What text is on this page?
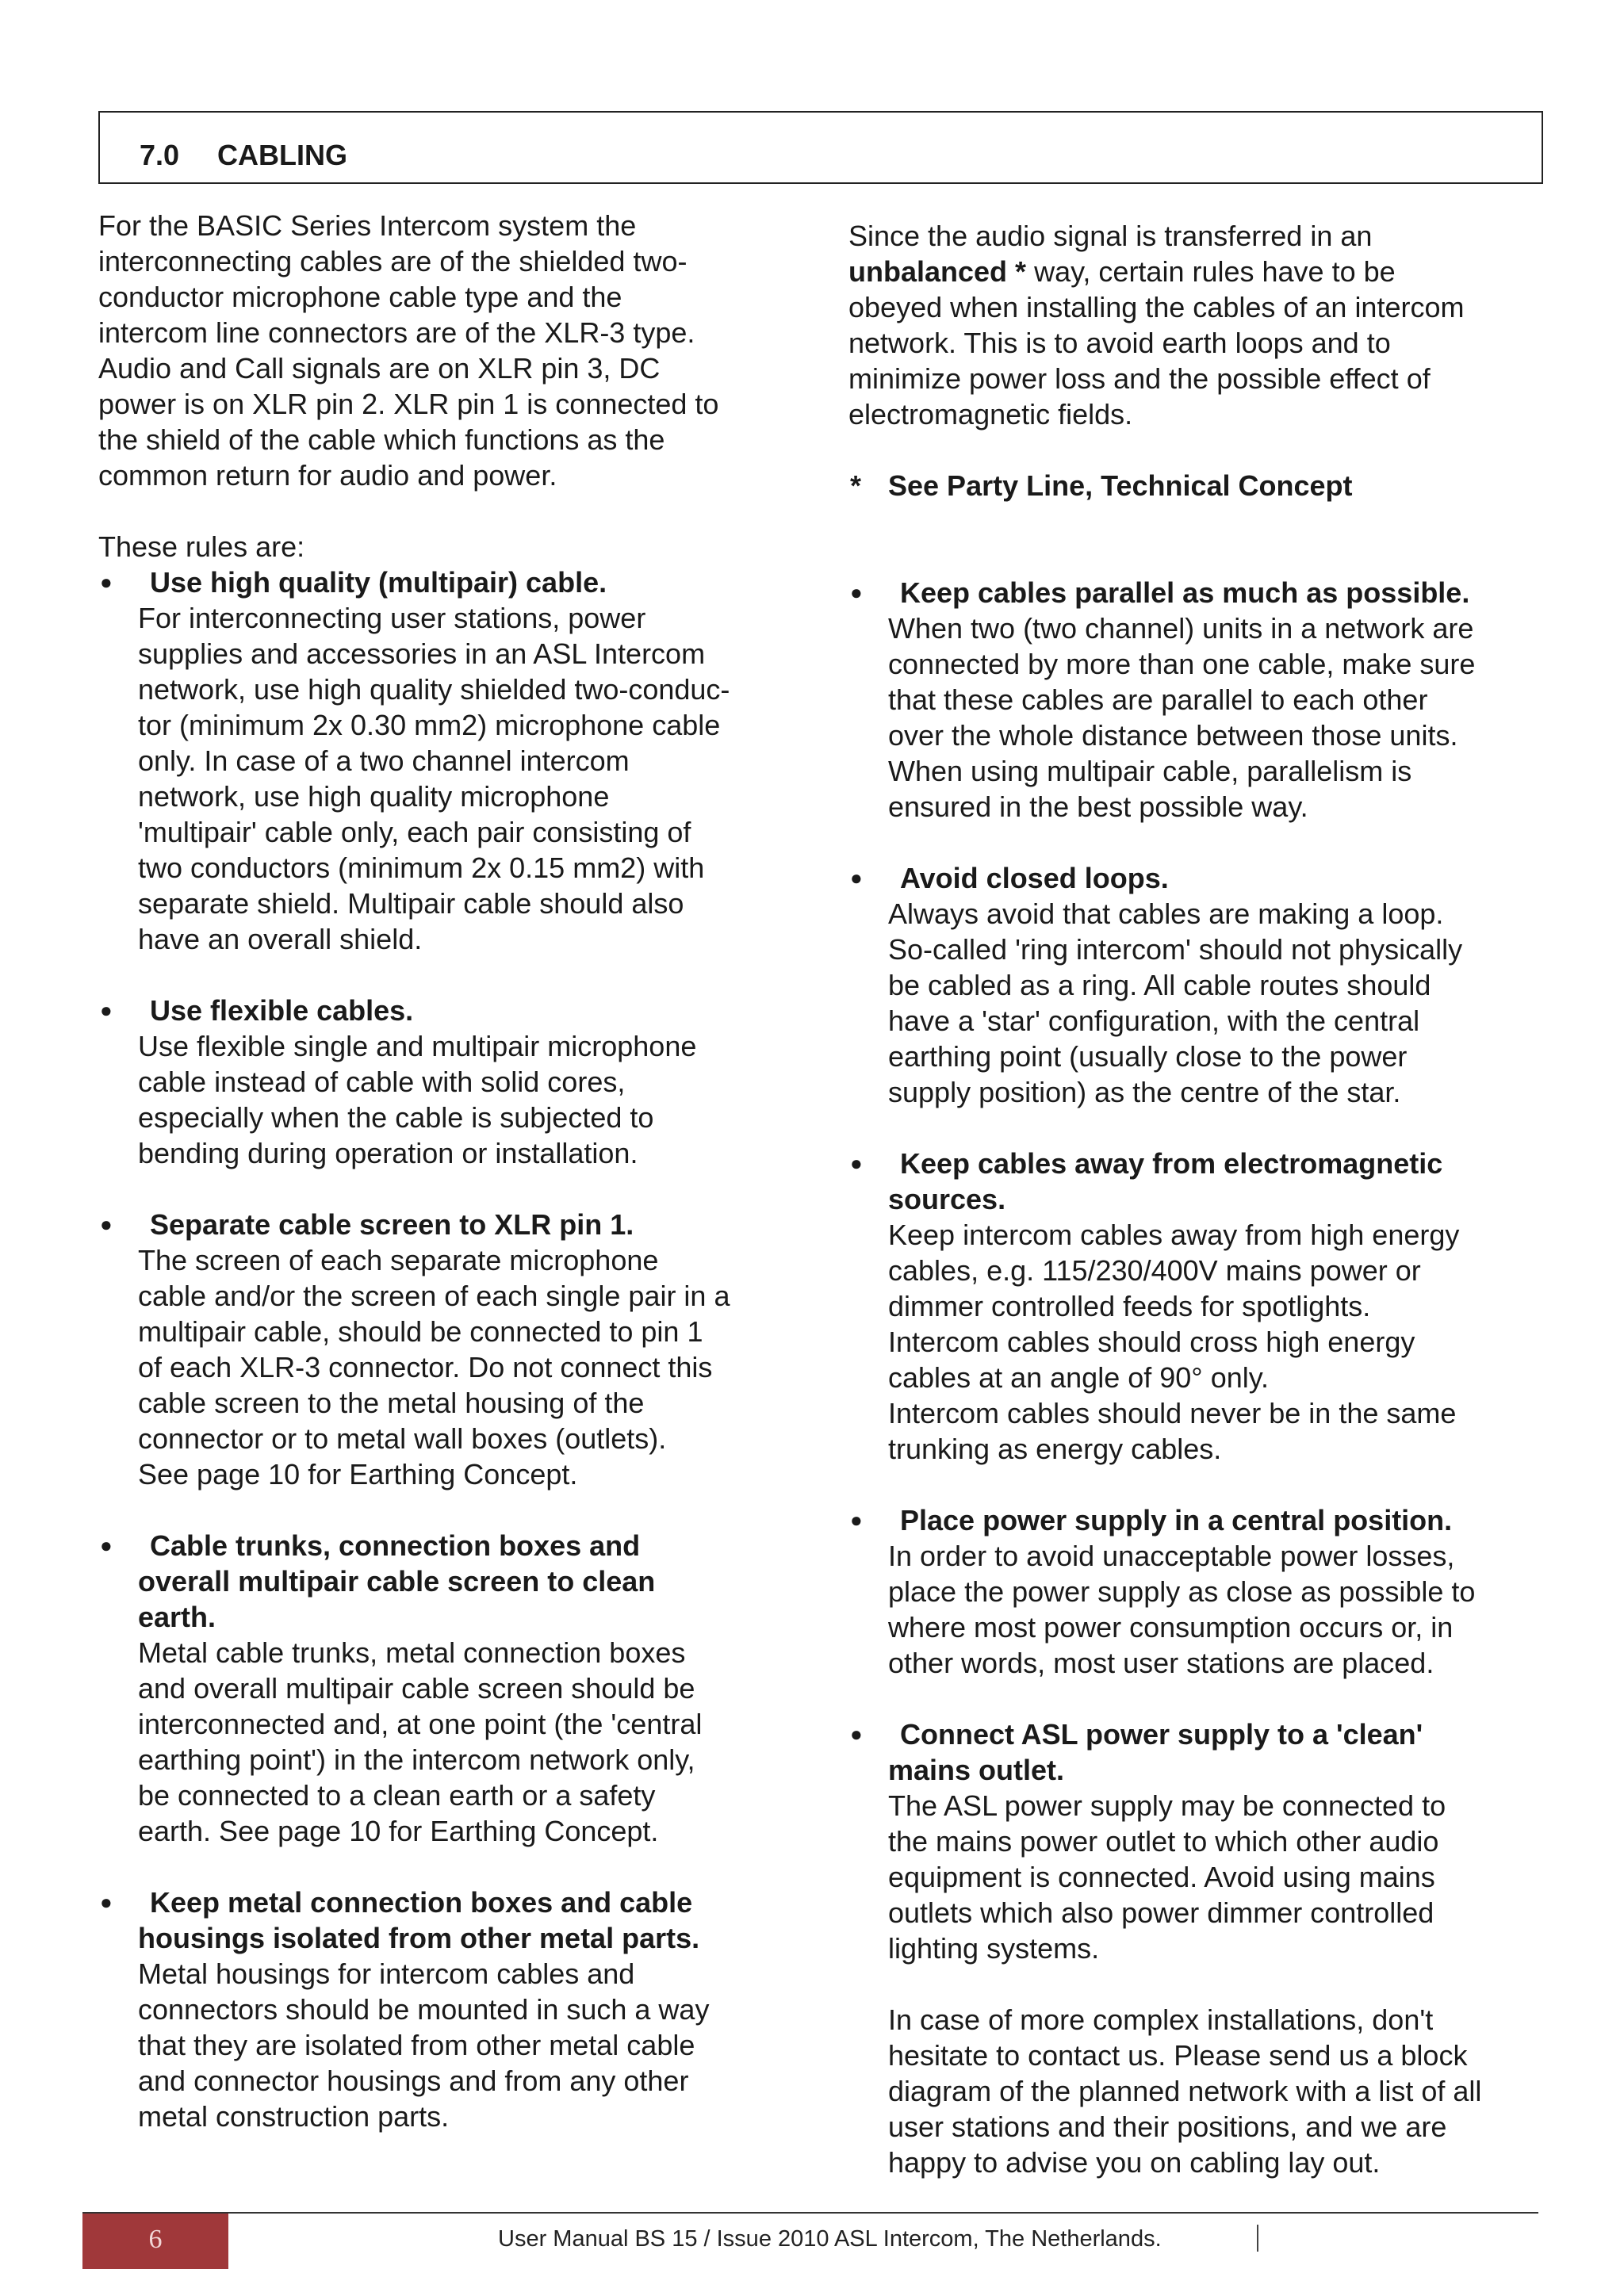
7.0 CABLING
For the BASIC Series Intercom system the
interconnecting cables are of the shielded two-
conductor microphone cable type and the
intercom line connectors are of the XLR-3 type.
Audio and Call signals are on XLR pin 3, DC
power is on XLR pin 2. XLR pin 1 is connected to
the shield of the cable which functions as the
common return for audio and power.
These rules are:
● Use high quality (multipair) cable.
For interconnecting user stations, power
supplies and accessories in an ASL Intercom
network, use high quality shielded two-conduc-
tor (minimum 2x 0.30 mm2) microphone cable
only. In case of a two channel intercom
network, use high quality microphone
'multipair' cable only, each pair consisting of
two conductors (minimum 2x 0.15 mm2) with
separate shield. Multipair cable should also
have an overall shield.
● Use flexible cables.
Use flexible single and multipair microphone
cable instead of cable with solid cores,
especially when the cable is subjected to
bending during operation or installation.
● Separate cable screen to XLR pin 1.
The screen of each separate microphone
cable and/or the screen of each single pair in a
multipair cable, should be connected to pin 1
of each XLR-3 connector. Do not connect this
cable screen to the metal housing of the
connector or to metal wall boxes (outlets).
See page 10 for Earthing Concept.
● Cable trunks, connection boxes and
overall multipair cable screen to clean
earth.
Metal cable trunks, metal connection boxes
and overall multipair cable screen should be
interconnected and, at one point (the 'central
earthing point') in the intercom network only,
be connected to a clean earth or a safety
earth. See page 10 for Earthing Concept.
● Keep metal connection boxes and cable
housings isolated from other metal parts.
Metal housings for intercom cables and
connectors should be mounted in such a way
that they are isolated from other metal cable
and connector housings and from any other
metal construction parts.
Since the audio signal is transferred in an
unbalanced * way, certain rules have to be
obeyed when installing the cables of an intercom
network. This is to avoid earth loops and to
minimize power loss and the possible effect of
electromagnetic fields.
* See Party Line, Technical Concept
● Keep cables parallel as much as possible.
When two (two channel) units in a network are
connected by more than one cable, make sure
that these cables are parallel to each other
over the whole distance between those units.
When using multipair cable, parallelism is
ensured in the best possible way.
● Avoid closed loops.
Always avoid that cables are making a loop.
So-called 'ring intercom' should not physically
be cabled as a ring. All cable routes should
have a 'star' configuration, with the central
earthing point (usually close to the power
supply position) as the centre of the star.
● Keep cables away from electromagnetic
sources.
Keep intercom cables away from high energy
cables, e.g. 115/230/400V mains power or
dimmer controlled feeds for spotlights.
Intercom cables should cross high energy
cables at an angle of 90° only.
Intercom cables should never be in the same
trunking as energy cables.
● Place power supply in a central position.
In order to avoid unacceptable power losses,
place the power supply as close as possible to
where most power consumption occurs or, in
other words, most user stations are placed.
● Connect ASL power supply to a 'clean'
mains outlet.
The ASL power supply may be connected to
the mains power outlet to which other audio
equipment is connected. Avoid using mains
outlets which also power dimmer controlled
lighting systems.
In case of more complex installations, don't
hesitate to contact us. Please send us a block
diagram of the planned network with a list of all
user stations and their positions, and we are
happy to advise you on cabling lay out.
6	User Manual BS 15 / Issue 2010 ASL Intercom, The Netherlands.
